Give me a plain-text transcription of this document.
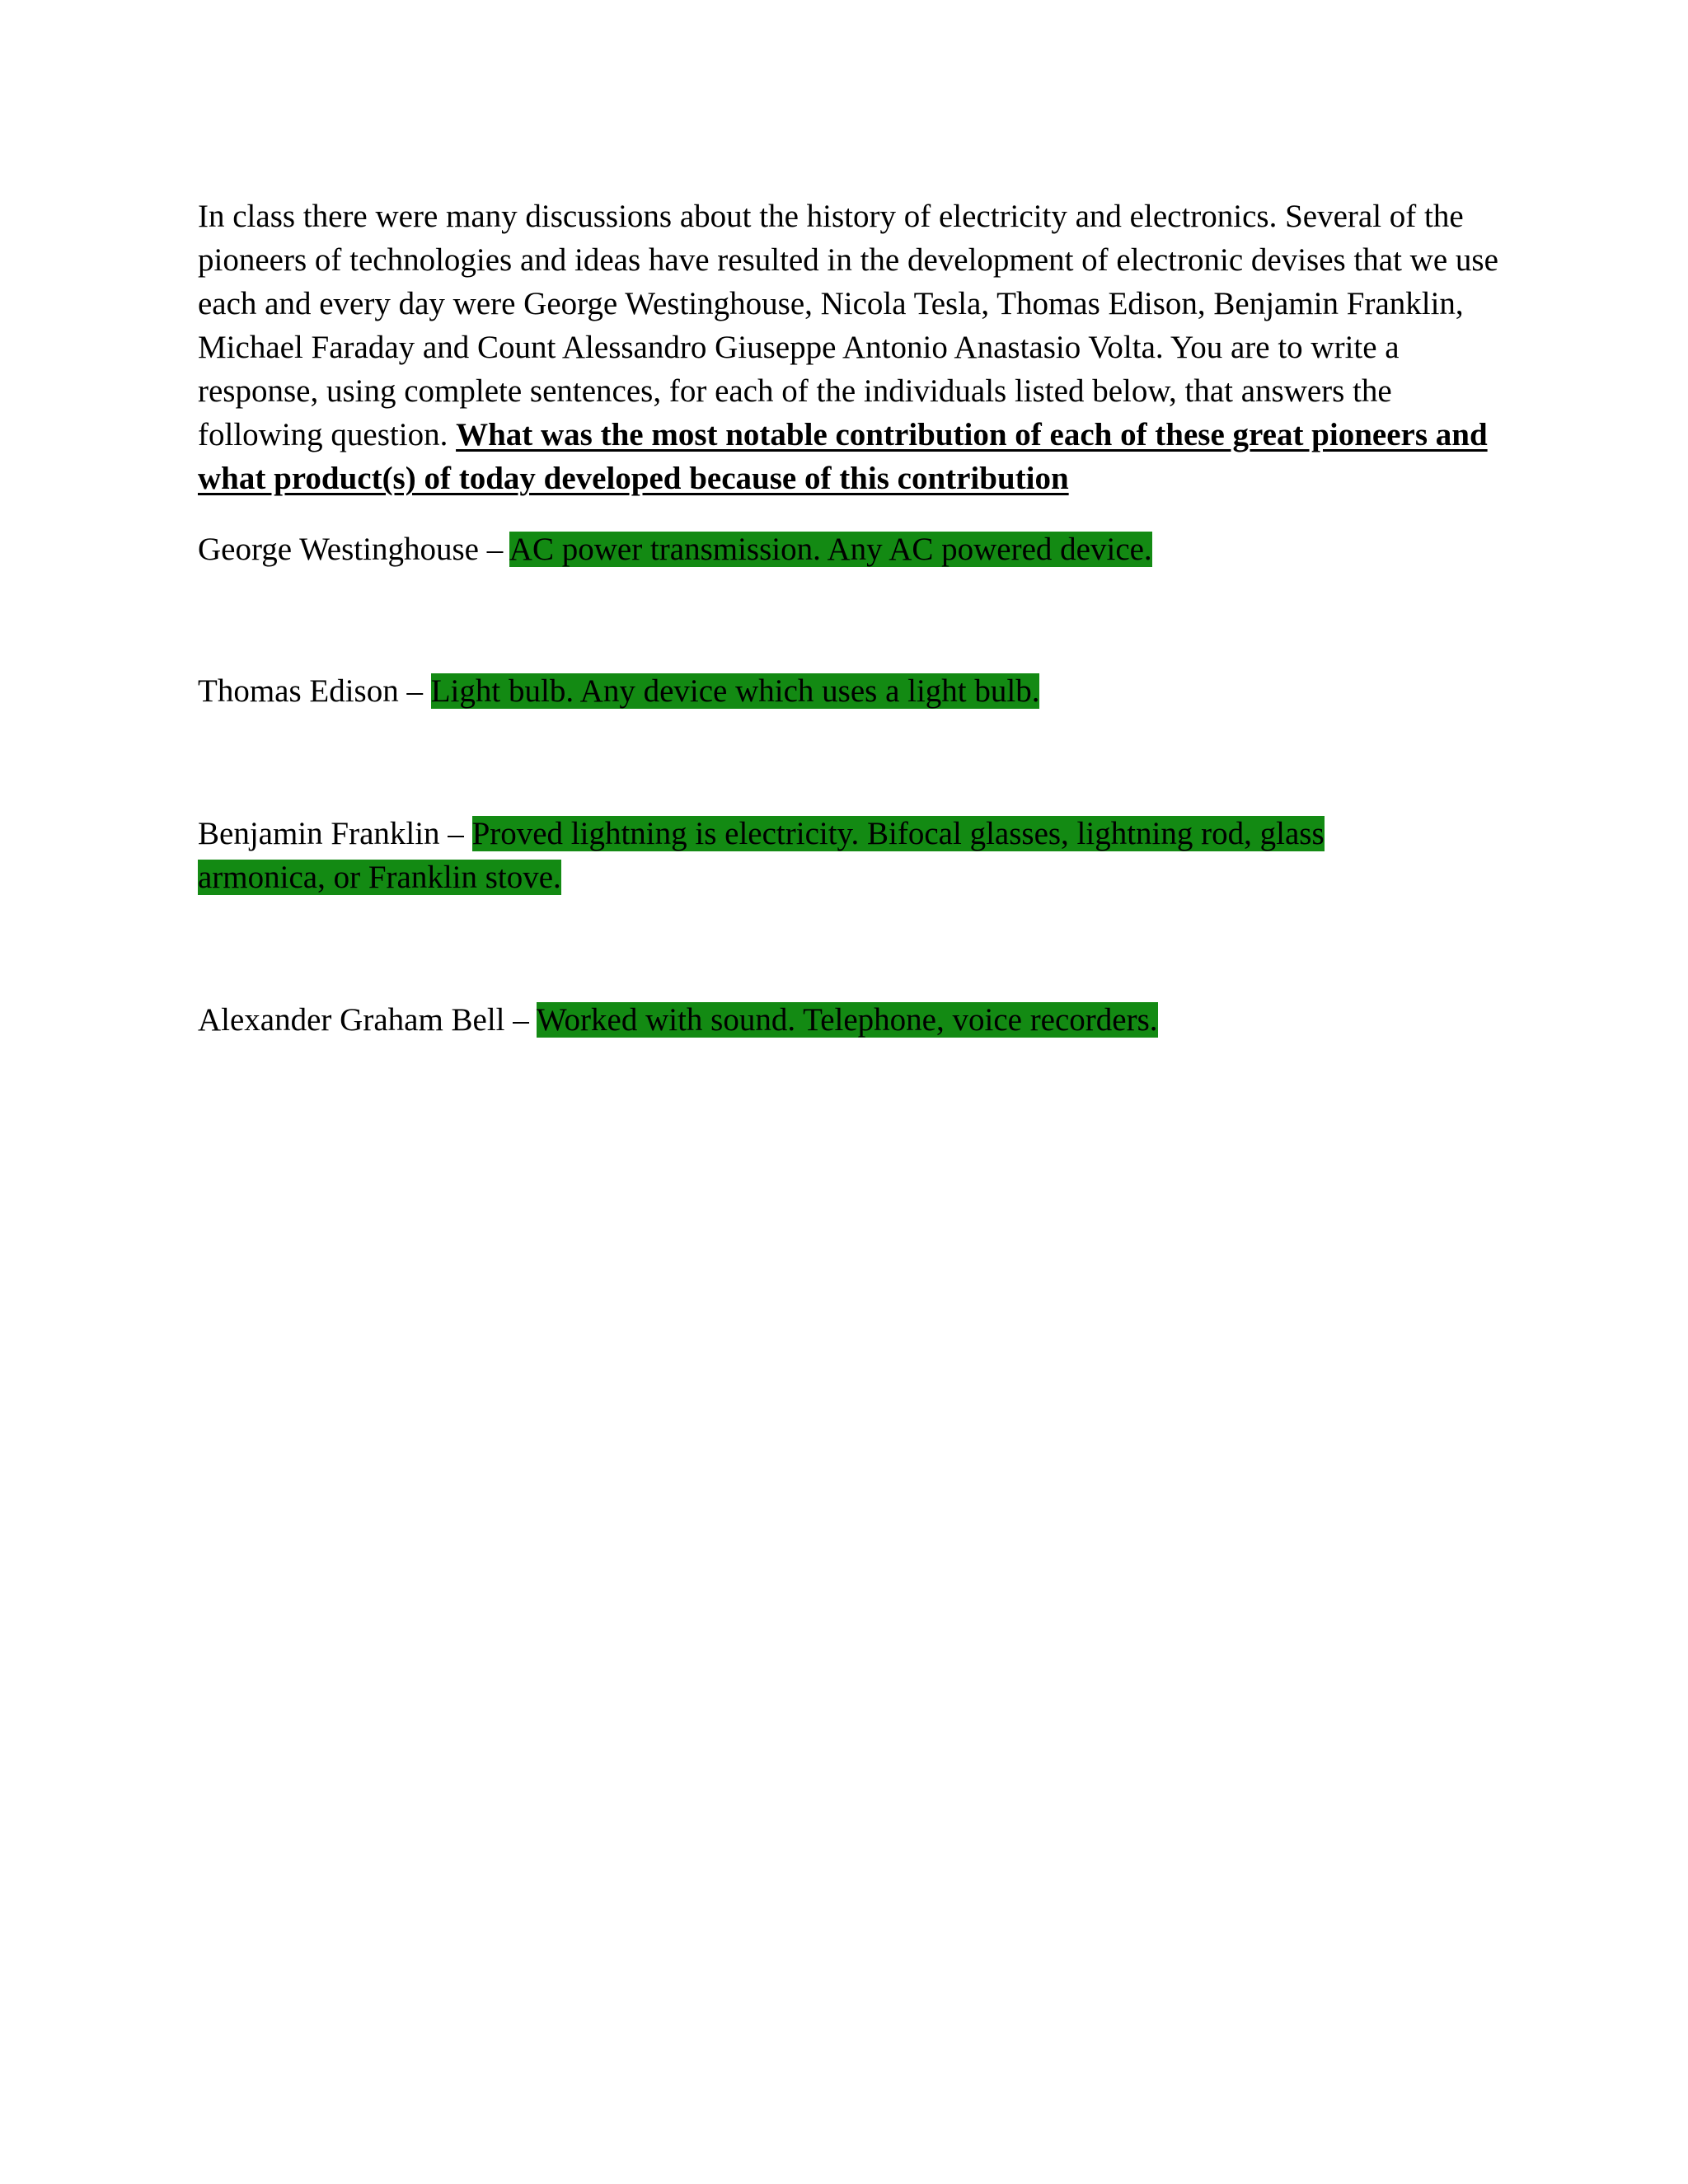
In class there were many discussions about the history of electricity and electronics. Several of the pioneers of technologies and ideas have resulted in the development of electronic devises that we use each and every day were George Westinghouse, Nicola Tesla, Thomas Edison, Benjamin Franklin, Michael Faraday and Count Alessandro Giuseppe Antonio Anastasio Volta. You are to write a response, using complete sentences, for each of the individuals listed below, that answers the following question. What was the most notable contribution of each of these great pioneers and what product(s) of today developed because of this contribution

George Westinghouse – AC power transmission. Any AC powered device.

Thomas Edison – Light bulb. Any device which uses a light bulb.

Benjamin Franklin – Proved lightning is electricity. Bifocal glasses, lightning rod, glass armonica, or Franklin stove.

Alexander Graham Bell – Worked with sound. Telephone, voice recorders.
